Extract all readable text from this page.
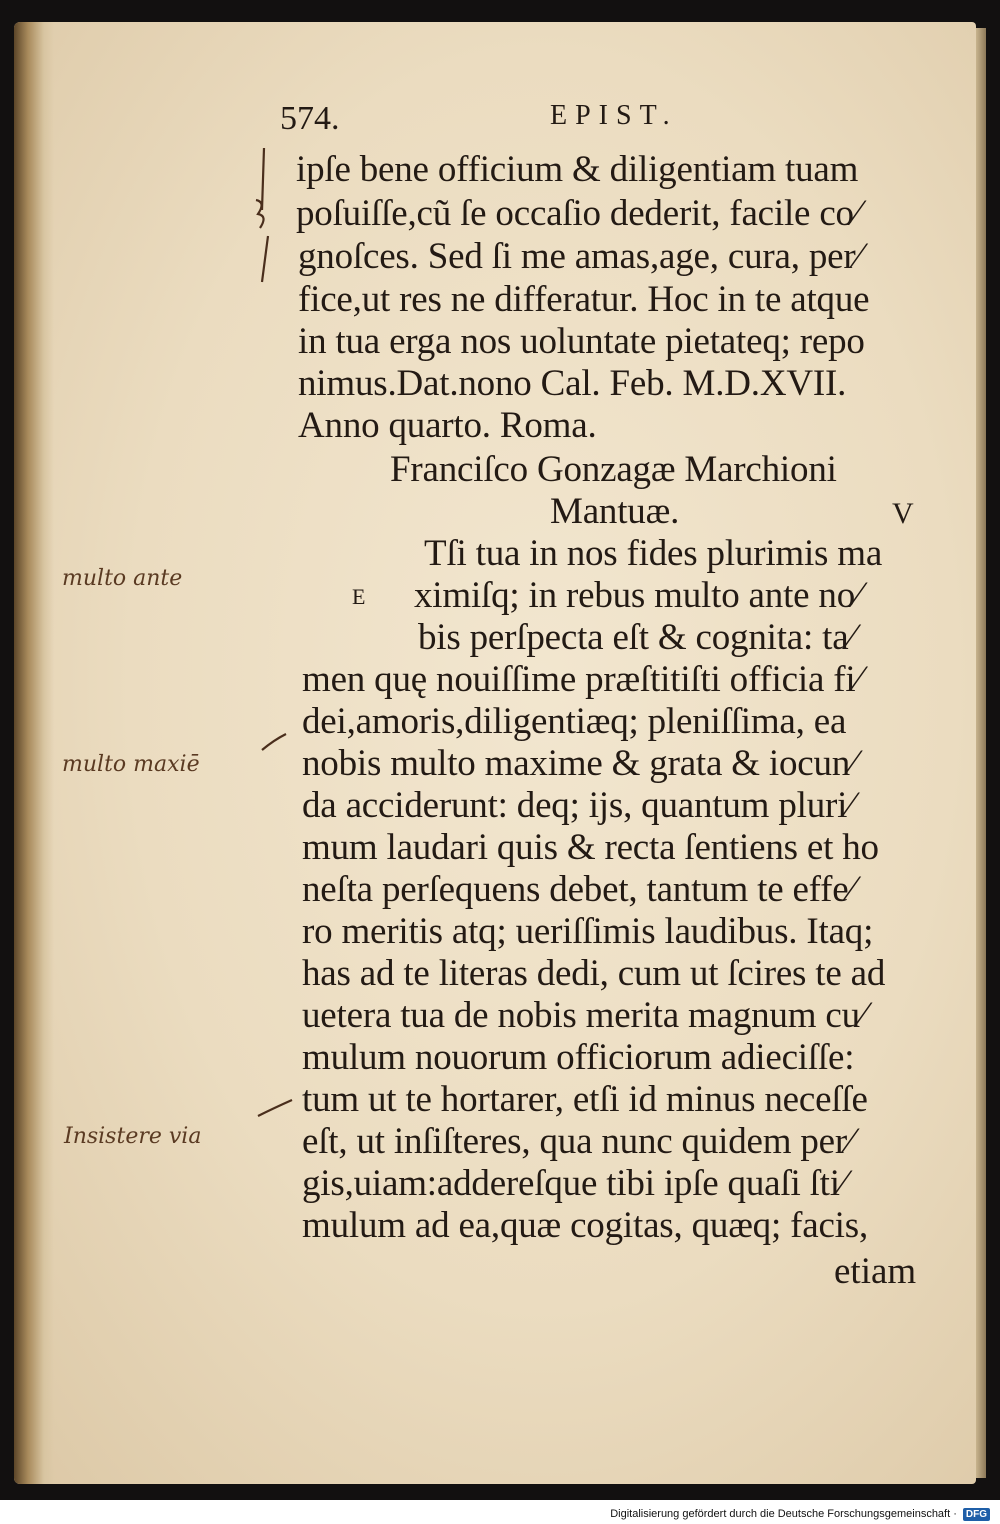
574.	EPIST.
ipſe bene officium & diligentiam tuam
poſuiſſe,cũ ſe occaſio dederit, facile co⁄
gnoſces. Sed ſi me amas,age, cura, per⁄
fice,ut res ne differatur. Hoc in te atque
in tua erga nos uoluntate pietateq; repo
nimus.Dat.nono Cal. Feb. M.D.XVII.
Anno quarto. Roma.
Franciſco Gonzagæ Marchioni
Mantuæ.	V
E
Tſi tua in nos fides plurimis ma
ximiſq; in rebus multo ante no⁄
bis perſpecta eſt & cognita: ta⁄
men quę nouiſſime præſtitiſti officia fi⁄
dei,amoris,diligentiæq; pleniſſima, ea
nobis multo maxime & grata & iocun⁄
da acciderunt: deq; ijs, quantum pluri⁄
mum laudari quis & recta ſentiens et ho
neſta perſequens debet, tantum te effe⁄
ro meritis atq; ueriſſimis laudibus. Itaq;
has ad te literas dedi, cum ut ſcires te ad
uetera tua de nobis merita magnum cu⁄
mulum nouorum officiorum adieciſſe:
tum ut te hortarer, etſi id minus neceſſe
eſt, ut inſiſteres, qua nunc quidem per⁄
gis,uiam:addereſque tibi ipſe quaſi ſti⁄
mulum ad ea,quæ cogitas, quæq; facis,
etiam
multo ante
multo maxiē
Insistere via
Digitalisierung gefördert durch die Deutsche Forschungsgemeinschaft · DFG
